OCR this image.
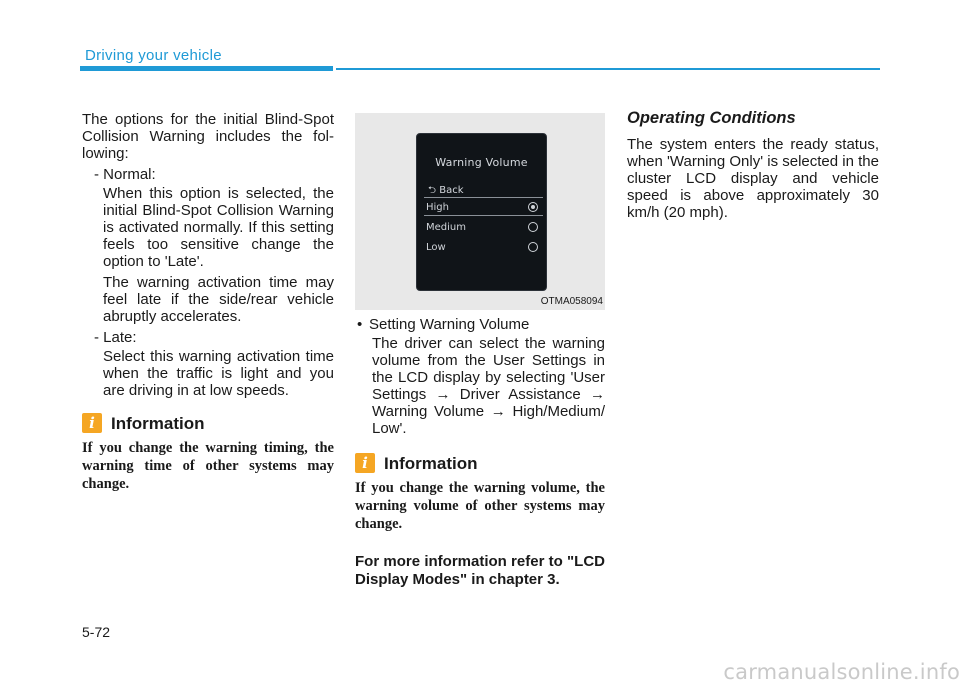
Driving your vehicle
The options for the initial Blind-Spot Collision Warning includes the fol-lowing:
- Normal:
When this option is selected, the initial Blind-Spot Collision Warning is activated normally. If this setting feels too sensitive change the option to 'Late'.
The warning activation time may feel late if the side/rear vehicle abruptly accelerates.
- Late:
Select this warning activation time when the traffic is light and you are driving in at low speeds.
i Information
If you change the warning timing, the warning time of other systems may change.
Warning Volume
⮌ Back
High
Medium
Low
OTMA058094
• Setting Warning Volume
The driver can select the warning volume from the User Settings in the LCD display by selecting 'User Settings → Driver Assistance → Warning Volume → High/Medium/ Low'.
i Information
If you change the warning volume, the warning volume of other systems may change.
For more information refer to "LCD Display Modes" in chapter 3.
Operating Conditions
The system enters the ready status, when 'Warning Only' is selected in the cluster LCD display and vehicle speed is above approximately 30 km/h (20 mph).
5-72
carmanualsonline.info
